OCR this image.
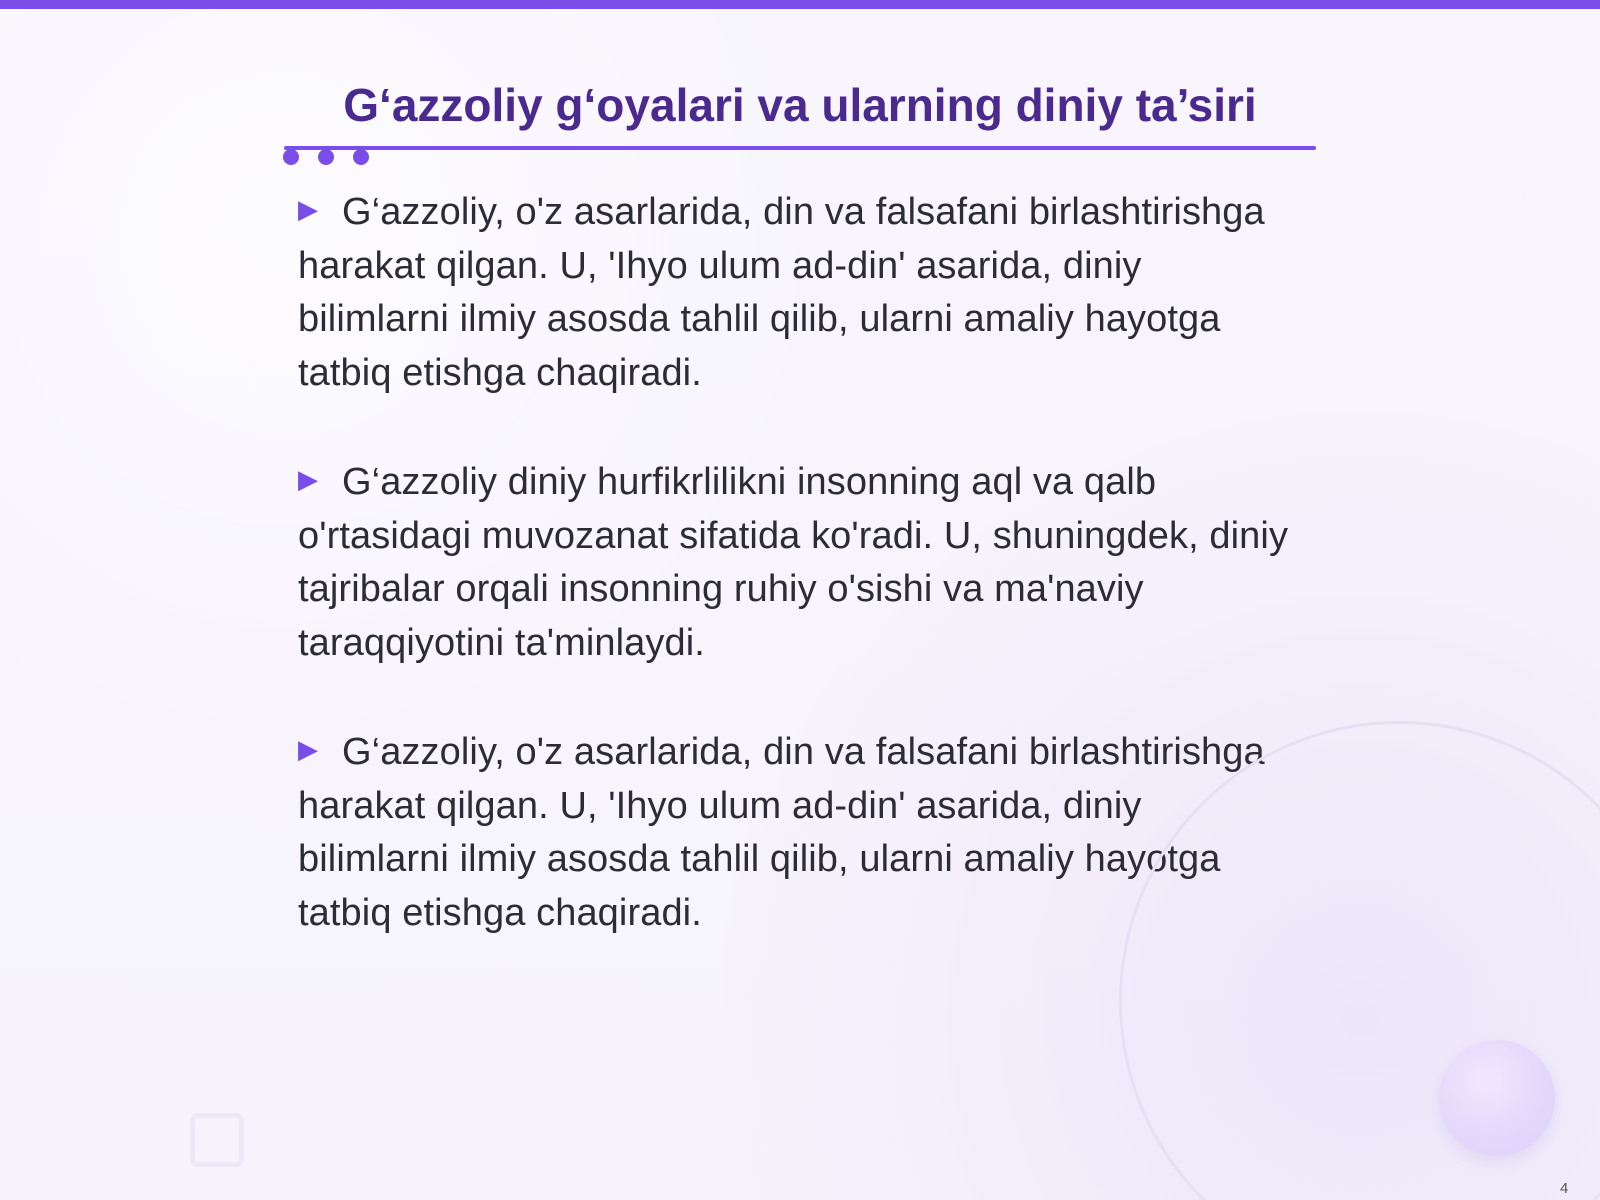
G‘azzoliy g‘oyalari va ularning diniy ta’siri

▶ G‘azzoliy, o'z asarlarida, din va falsafani birlashtirishga harakat qilgan. U, 'Ihyo ulum ad-din' asarida, diniy bilimlarni ilmiy asosda tahlil qilib, ularni amaliy hayotga tatbiq etishga chaqiradi.

▶ G‘azzoliy diniy hurfikrlilikni insonning aql va qalb o'rtasidagi muvozanat sifatida ko'radi. U, shuningdek, diniy tajribalar orqali insonning ruhiy o'sishi va ma'naviy taraqqiyotini ta'minlaydi.

▶ G‘azzoliy, o'z asarlarida, din va falsafani birlashtirishga harakat qilgan. U, 'Ihyo ulum ad-din' asarida, diniy bilimlarni ilmiy asosda tahlil qilib, ularni amaliy hayotga tatbiq etishga chaqiradi.

4
